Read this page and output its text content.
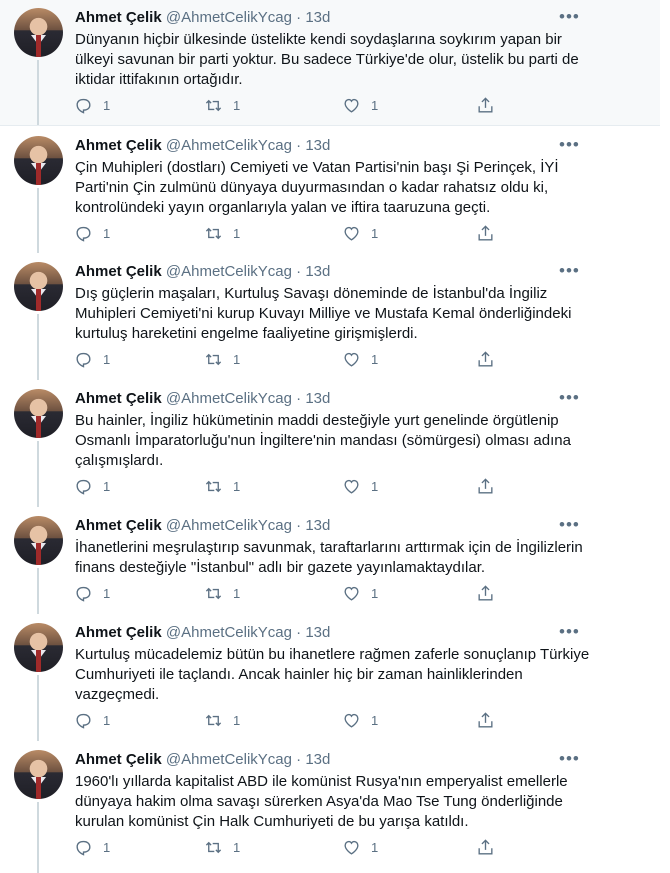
Ahmet Çelik @AhmetCelikYcag · 13d	•••
Dünyanın hiçbir ülkesinde üstelikte kendi soydaşlarına soykırım yapan bir ülkeyi savunan bir parti yoktur. Bu sadece Türkiye'de olur, üstelik bu parti de iktidar ittifakının ortağıdır.
1	1	1
Ahmet Çelik @AhmetCelikYcag · 13d	•••
Çin Muhipleri (dostları) Cemiyeti ve Vatan Partisi'nin başı Şi Perinçek, İYİ Parti'nin Çin zulmünü dünyaya duyurmasından o kadar rahatsız oldu ki, kontrolündeki yayın organlarıyla yalan ve iftira taaruzuna geçti.
1	1	1
Ahmet Çelik @AhmetCelikYcag · 13d	•••
Dış güçlerin maşaları, Kurtuluş Savaşı döneminde de İstanbul'da İngiliz Muhipleri Cemiyeti'ni kurup Kuvayı Milliye ve Mustafa Kemal önderliğindeki kurtuluş hareketini engelme faaliyetine girişmişlerdi.
1	1	1
Ahmet Çelik @AhmetCelikYcag · 13d	•••
Bu hainler, İngiliz hükümetinin maddi desteğiyle yurt genelinde örgütlenip Osmanlı İmparatorluğu'nun İngiltere'nin mandası (sömürgesi) olması adına çalışmışlardı.
1	1	1
Ahmet Çelik @AhmetCelikYcag · 13d	•••
İhanetlerini meşrulaştırıp savunmak, taraftarlarını arttırmak için de İngilizlerin finans desteğiyle "İstanbul" adlı bir gazete yayınlamaktaydılar.
1	1	1
Ahmet Çelik @AhmetCelikYcag · 13d	•••
Kurtuluş mücadelemiz bütün bu ihanetlere rağmen zaferle sonuçlanıp Türkiye Cumhuriyeti ile taçlandı. Ancak hainler hiç bir zaman hainliklerinden vazgeçmedi.
1	1	1
Ahmet Çelik @AhmetCelikYcag · 13d	•••
1960'lı yıllarda kapitalist ABD ile komünist Rusya'nın emperyalist emellerle dünyaya hakim olma savaşı sürerken Asya'da Mao Tse Tung önderliğinde kurulan komünist Çin Halk Cumhuriyeti de bu yarışa katıldı.
1	1	1
